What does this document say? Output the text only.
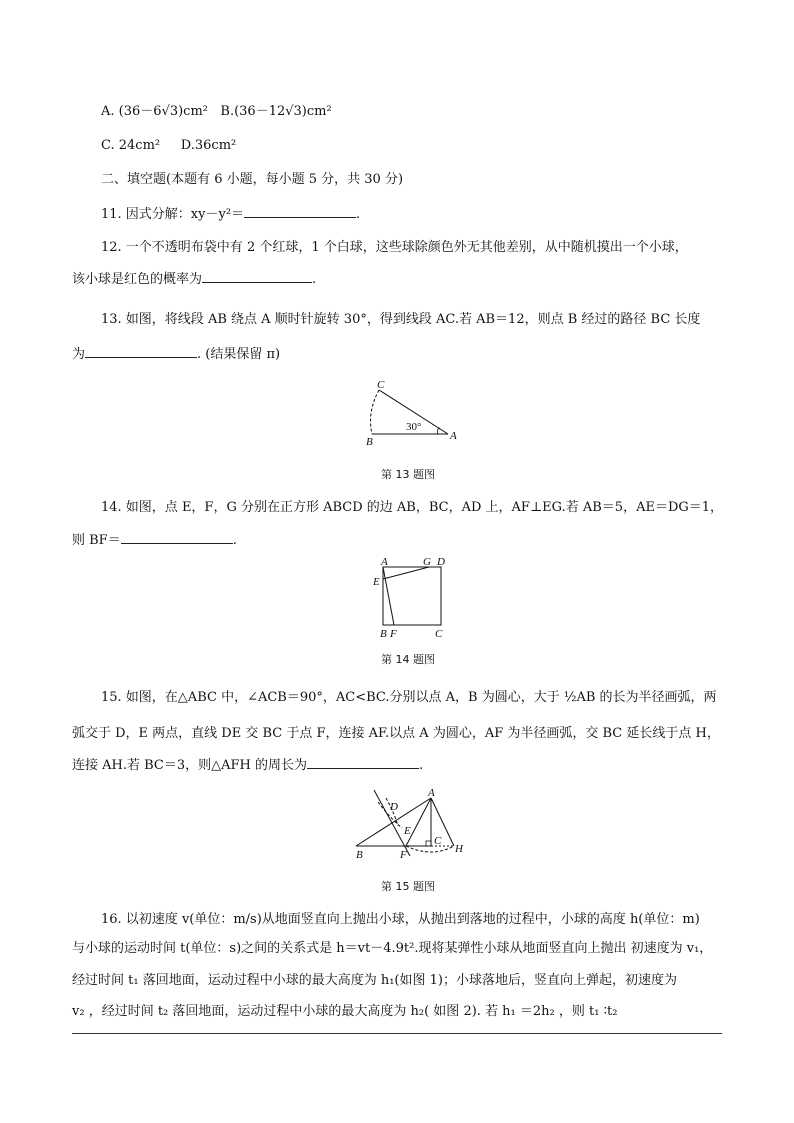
A. (36－6√3)cm² B.(36－12√3)cm²
C. 24cm² D.36cm²
二、填空题(本题有 6 小题，每小题 5 分，共 30 分)
11. 因式分解：xy－y²＝	.
12. 一个不透明布袋中有 2 个红球，1 个白球，这些球除颜色外无其他差别，从中随机摸出一个小球，
该小球是红色的概率为	.
13. 如图，将线段 AB 绕点 A 顺时针旋转 30°，得到线段 AC.若 AB＝12，则点 B 经过的路径 BC 长度
为	. (结果保留 π)
C
B	A
30°
第 13 题图
14. 如图，点 E，F，G 分别在正方形 ABCD 的边 AB，BC，AD 上，AF⊥EG.若 AB＝5，AE＝DG＝1，
则 BF＝	.
A	G D
E
B F	C
第 14 题图
15. 如图，在△ABC 中，∠ACB＝90°，AC<BC.分别以点 A，B 为圆心，大于 ½AB 的长为半径画弧，两
弧交于 D，E 两点，直线 DE 交 BC 于点 F，连接 AF.以点 A 为圆心，AF 为半径画弧，交 BC 延长线于点 H，
连接 AH.若 BC＝3，则△AFH 的周长为	.
A
D
E
B	F
C
H
第 15 题图
16. 以初速度 v(单位：m/s)从地面竖直向上抛出小球，从抛出到落地的过程中，小球的高度 h(单位：m)
与小球的运动时间 t(单位：s)之间的关系式是 h＝vt－4.9t².现将某弹性小球从地面竖直向上抛出 初速度为 v₁，
经过时间 t₁ 落回地面，运动过程中小球的最大高度为 h₁(如图 1)；小球落地后，竖直向上弹起，初速度为
v₂ ，经过时间 t₂ 落回地面，运动过程中小球的最大高度为 h₂( 如图 2). 若 h₁ ＝2h₂ ，则 t₁ ∶t₂
